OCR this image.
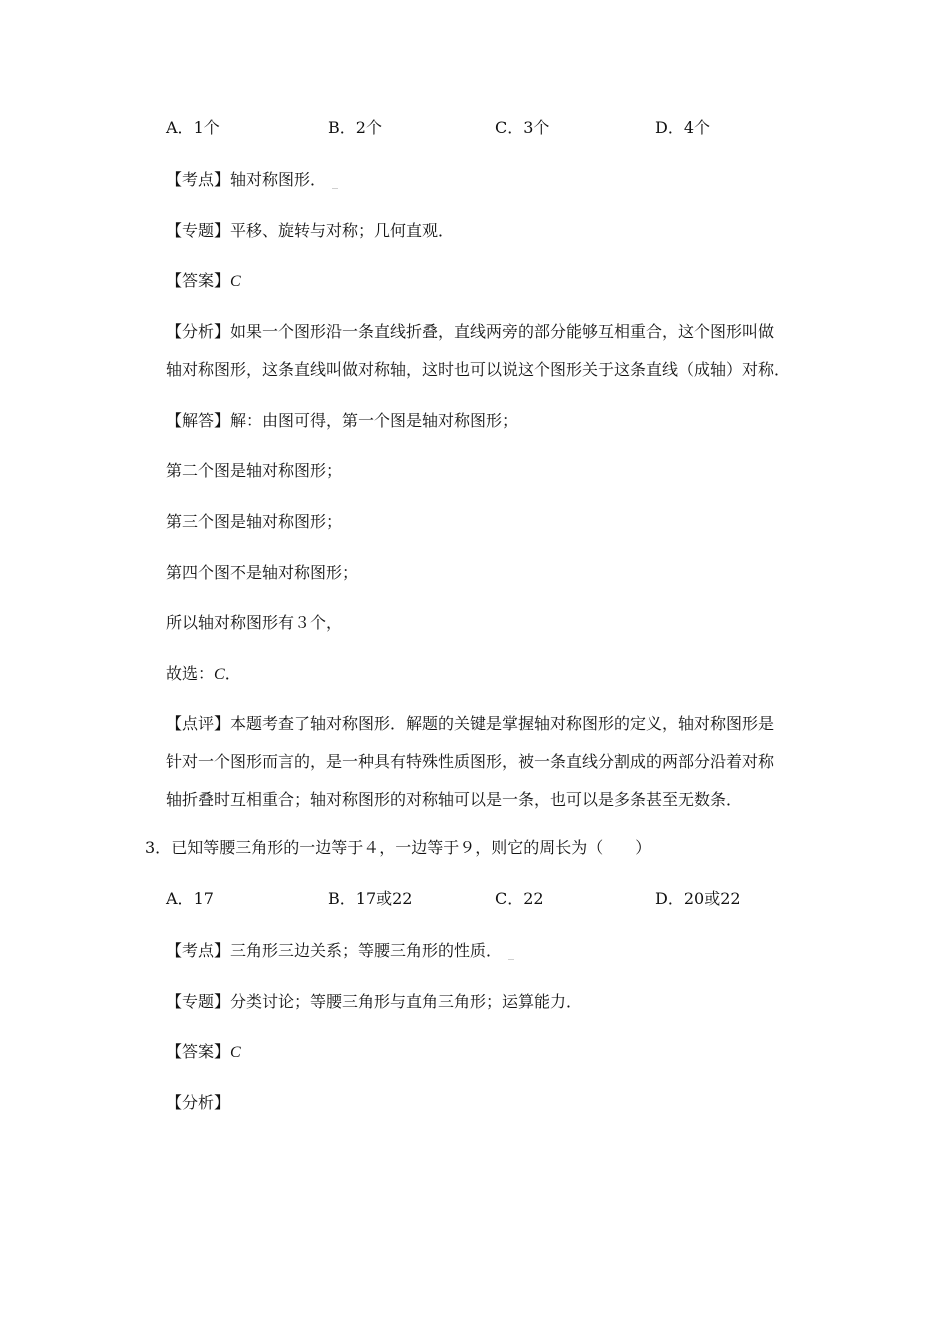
A．1个	B．2个	C．3个	D．4个
【考点】轴对称图形．
【专题】平移、旋转与对称；几何直观．
【答案】C
【分析】如果一个图形沿一条直线折叠，直线两旁的部分能够互相重合，这个图形叫做
轴对称图形，这条直线叫做对称轴，这时也可以说这个图形关于这条直线（成轴）对称．
【解答】解：由图可得，第一个图是轴对称图形；
第二个图是轴对称图形；
第三个图是轴对称图形；
第四个图不是轴对称图形；
所以轴对称图形有３个，
故选：C．
【点评】本题考查了轴对称图形．解题的关键是掌握轴对称图形的定义，轴对称图形是
针对一个图形而言的，是一种具有特殊性质图形，被一条直线分割成的两部分沿着对称
轴折叠时互相重合；轴对称图形的对称轴可以是一条，也可以是多条甚至无数条．
3．已知等腰三角形的一边等于４，一边等于９，则它的周长为（　　）
A．17	B．17或22	C．22	D．20或22
【考点】三角形三边关系；等腰三角形的性质．
【专题】分类讨论；等腰三角形与直角三角形；运算能力．
【答案】C
【分析】
